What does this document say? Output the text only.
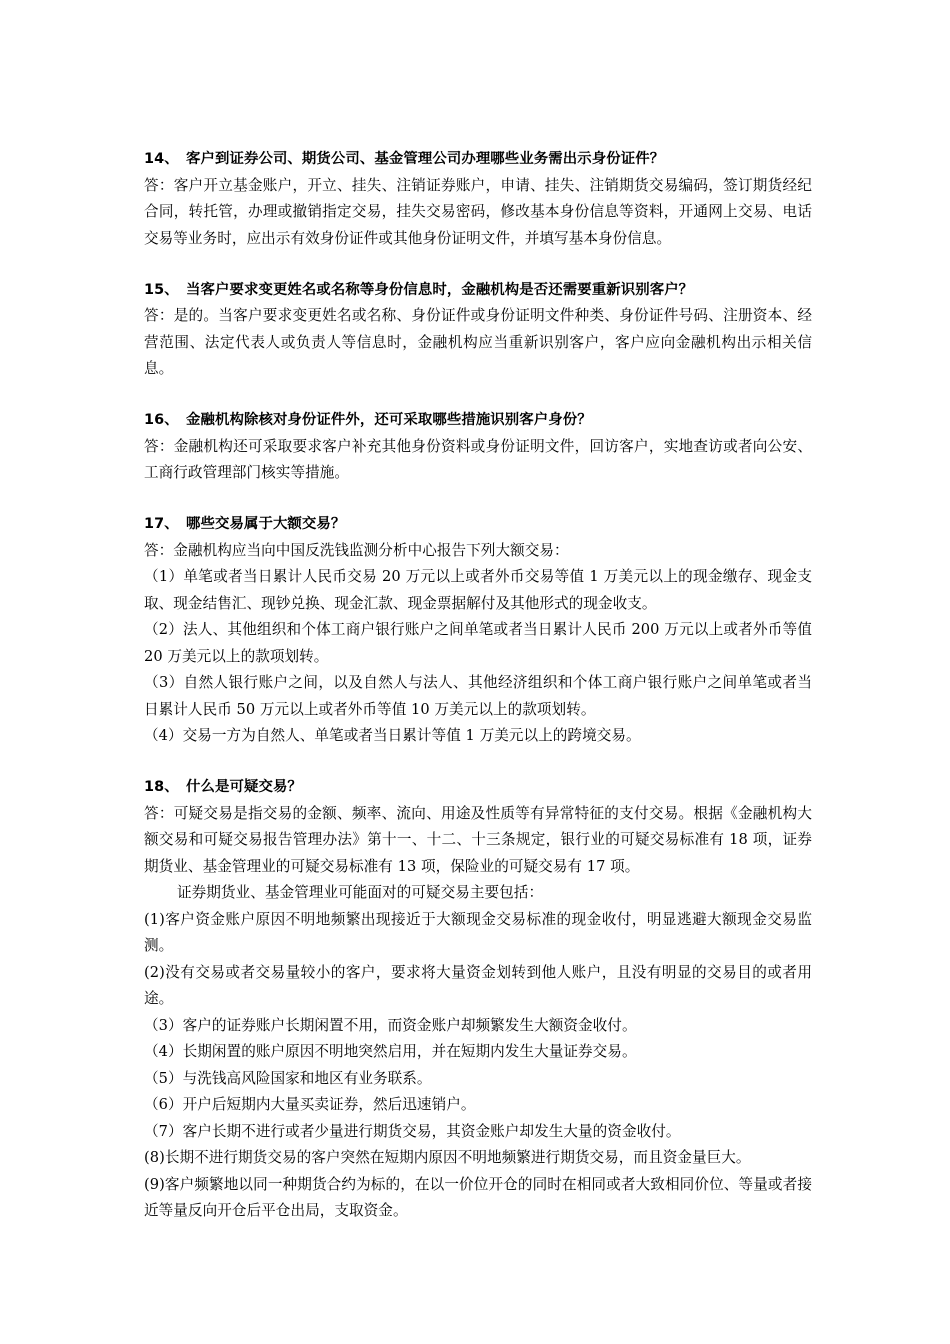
14、 客户到证券公司、期货公司、基金管理公司办理哪些业务需出示身份证件？

答：客户开立基金账户，开立、挂失、注销证券账户，申请、挂失、注销期货交易编码，签订期货经纪合同，转托管，办理或撤销指定交易，挂失交易密码，修改基本身份信息等资料，开通网上交易、电话交易等业务时，应出示有效身份证件或其他身份证明文件，并填写基本身份信息。

15、 当客户要求变更姓名或名称等身份信息时，金融机构是否还需要重新识别客户？

答：是的。当客户要求变更姓名或名称、身份证件或身份证明文件种类、身份证件号码、注册资本、经营范围、法定代表人或负责人等信息时，金融机构应当重新识别客户，客户应向金融机构出示相关信息。

16、 金融机构除核对身份证件外，还可采取哪些措施识别客户身份？

答：金融机构还可采取要求客户补充其他身份资料或身份证明文件，回访客户，实地查访或者向公安、工商行政管理部门核实等措施。

17、 哪些交易属于大额交易？

答：金融机构应当向中国反洗钱监测分析中心报告下列大额交易：

（1）单笔或者当日累计人民币交易 20 万元以上或者外币交易等值 1 万美元以上的现金缴存、现金支取、现金结售汇、现钞兑换、现金汇款、现金票据解付及其他形式的现金收支。

（2）法人、其他组织和个体工商户银行账户之间单笔或者当日累计人民币 200 万元以上或者外币等值 20 万美元以上的款项划转。

（3）自然人银行账户之间，以及自然人与法人、其他经济组织和个体工商户银行账户之间单笔或者当日累计人民币 50 万元以上或者外币等值 10 万美元以上的款项划转。

（4）交易一方为自然人、单笔或者当日累计等值 1 万美元以上的跨境交易。

18、 什么是可疑交易？

答：可疑交易是指交易的金额、频率、流向、用途及性质等有异常特征的支付交易。根据《金融机构大额交易和可疑交易报告管理办法》第十一、十二、十三条规定，银行业的可疑交易标准有 18 项，证券期货业、基金管理业的可疑交易标准有 13 项，保险业的可疑交易有 17 项。

证券期货业、基金管理业可能面对的可疑交易主要包括：

(1)客户资金账户原因不明地频繁出现接近于大额现金交易标准的现金收付，明显逃避大额现金交易监测。

(2)没有交易或者交易量较小的客户，要求将大量资金划转到他人账户，且没有明显的交易目的或者用途。

（3）客户的证券账户长期闲置不用，而资金账户却频繁发生大额资金收付。

（4）长期闲置的账户原因不明地突然启用，并在短期内发生大量证券交易。

（5）与洗钱高风险国家和地区有业务联系。

（6）开户后短期内大量买卖证券，然后迅速销户。

（7）客户长期不进行或者少量进行期货交易，其资金账户却发生大量的资金收付。

(8)长期不进行期货交易的客户突然在短期内原因不明地频繁进行期货交易，而且资金量巨大。

(9)客户频繁地以同一种期货合约为标的，在以一价位开仓的同时在相同或者大致相同价位、等量或者接近等量反向开仓后平仓出局，支取资金。
